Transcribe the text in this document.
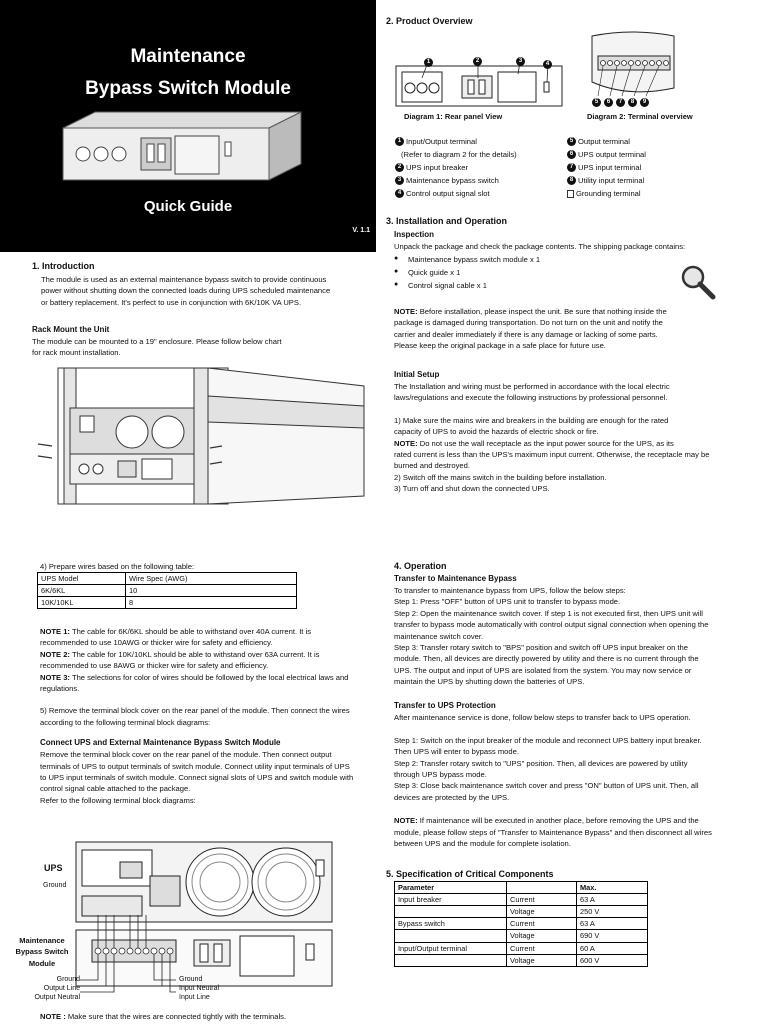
Maintenance
Bypass Switch Module
Quick Guide
V. 1.1
2. Product Overview
1	2	3	4
Diagram 1: Rear panel View
5	6	7	8	9
Diagram 2: Terminal overview
1 Input/Output terminal
(Refer to diagram 2 for the details)
2 UPS input breaker
3 Maintenance bypass switch
4 Control output signal slot
5 Output terminal
6 UPS output terminal
7 UPS input terminal
8 Utility input terminal
Grounding terminal
3. Installation and Operation
Inspection

Unpack the package and check the package contents. The shipping package contains:

● Maintenance bypass switch module x 1
● Quick guide x 1
● Control signal cable x 1

NOTE: Before installation, please inspect the unit. Be sure that nothing inside the

package is damaged during transportation. Do not turn on the unit and notify the

carrier and dealer immediately if there is any damage or lacking of some parts.

Please keep the original package in a safe place for future use.

Initial Setup

The Installation and wiring must be performed in accordance with the local electric

laws/regulations and execute the following instructions by professional personnel.

1) Make sure the mains wire and breakers in the building are enough for the rated

capacity of UPS to avoid the hazards of electric shock or fire.

NOTE: Do not use the wall receptacle as the input power source for the UPS, as its

rated current is less than the UPS's maximum input current. Otherwise, the receptacle may be

burned and destroyed.

2) Switch off the mains switch in the building before installation.

3) Turn off and shut down the connected UPS.

1. Introduction

The module is used as an external maintenance bypass switch to provide continuous

power without shutting down the connected loads during UPS scheduled maintenance

or battery replacement. It's perfect to use in conjunction with 6K/10K VA UPS.

Rack Mount the Unit

The module can be mounted to a 19" enclosure. Please follow below chart

for rack mount installation.

4) Prepare wires based on the following table:
UPS Model	Wire Spec (AWG)
6K/6KL	10
10K/10KL	8

NOTE 1: The cable for 6K/6KL should be able to withstand over 40A current. It is

recommended to use 10AWG or thicker wire for safety and efficiency.

NOTE 2: The cable for 10K/10KL should be able to withstand over 63A current. It is

recommended to use 8AWG or thicker wire for safety and efficiency.

NOTE 3: The selections for color of wires should be followed by the local electrical laws and

regulations.

5) Remove the terminal block cover on the rear panel of the module. Then connect the wires

according to the following terminal block diagrams:

Connect UPS and External Maintenance Bypass Switch Module

Remove the terminal block cover on the rear panel of the module. Then connect output

terminals of UPS to output terminals of switch module. Connect utility input terminals of UPS

to UPS input terminals of switch module. Connect signal slots of UPS and switch module with

control signal cable attached to the package.

Refer to the following terminal block diagrams:

UPS
Ground
Maintenance
Bypass Switch
Module
Ground
Output Line
Output Neutral
Ground
Input Neutral
Input Line
NOTE : Make sure that the wires are connected tightly with the terminals.
4. Operation
Transfer to Maintenance Bypass

To transfer to maintenance bypass from UPS, follow the below steps:

Step 1: Press "OFF" button of UPS unit to transfer to bypass mode.

Step 2: Open the maintenance switch cover. If step 1 is not executed first, then UPS unit will

transfer to bypass mode automatically with control output signal connection when opening the

maintenance switch cover.

Step 3: Transfer rotary switch to "BPS" position and switch off UPS input breaker on the

module. Then, all devices are directly powered by utility and there is no current through the

UPS. The output and input of UPS are isolated from the system. You may now service or

maintain the UPS by shutting down the batteries of UPS.

Transfer to UPS Protection

After maintenance service is done, follow below steps to transfer back to UPS operation.

Step 1: Switch on the input breaker of the module and reconnect UPS battery input breaker.

Then UPS will enter to bypass mode.

Step 2: Transfer rotary switch to "UPS" position. Then, all devices are powered by utility

through UPS bypass mode.

Step 3: Close back maintenance switch cover and press "ON" button of UPS unit. Then, all

devices are protected by the UPS.

NOTE: If maintenance will be executed in another place, before removing the UPS and the

module, please follow steps of "Transfer to Maintenance Bypass" and then disconnect all wires

between UPS and the module for complete isolation.

5. Specification of Critical Components
Parameter		Max.
Input breaker	Current	63 A
	Voltage	250 V
Bypass switch	Current	63 A
	Voltage	690 V
Input/Output terminal	Current	60 A
	Voltage	600 V
